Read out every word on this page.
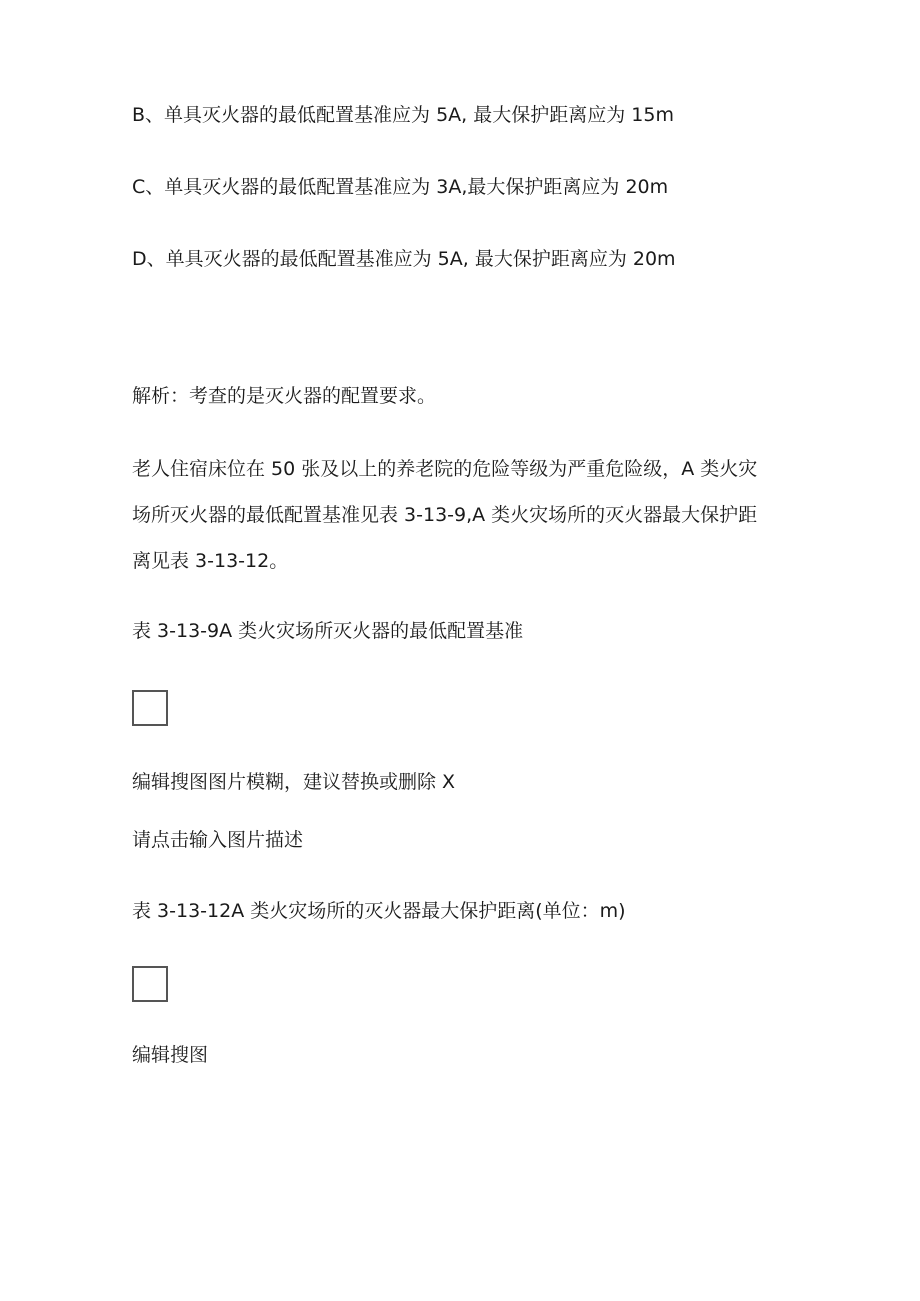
B、单具灭火器的最低配置基准应为 5A, 最大保护距离应为 15m
C、单具灭火器的最低配置基准应为 3A,最大保护距离应为 20m
D、单具灭火器的最低配置基准应为 5A, 最大保护距离应为 20m
解析：考查的是灭火器的配置要求。
老人住宿床位在 50 张及以上的养老院的危险等级为严重危险级，A 类火灾
场所灭火器的最低配置基准见表 3-13-9,A 类火灾场所的灭火器最大保护距
离见表 3-13-12。
表 3-13-9A 类火灾场所灭火器的最低配置基准
编辑搜图图片模糊，建议替换或删除 X
请点击输入图片描述
表 3-13-12A 类火灾场所的灭火器最大保护距离(单位：m)
编辑搜图
